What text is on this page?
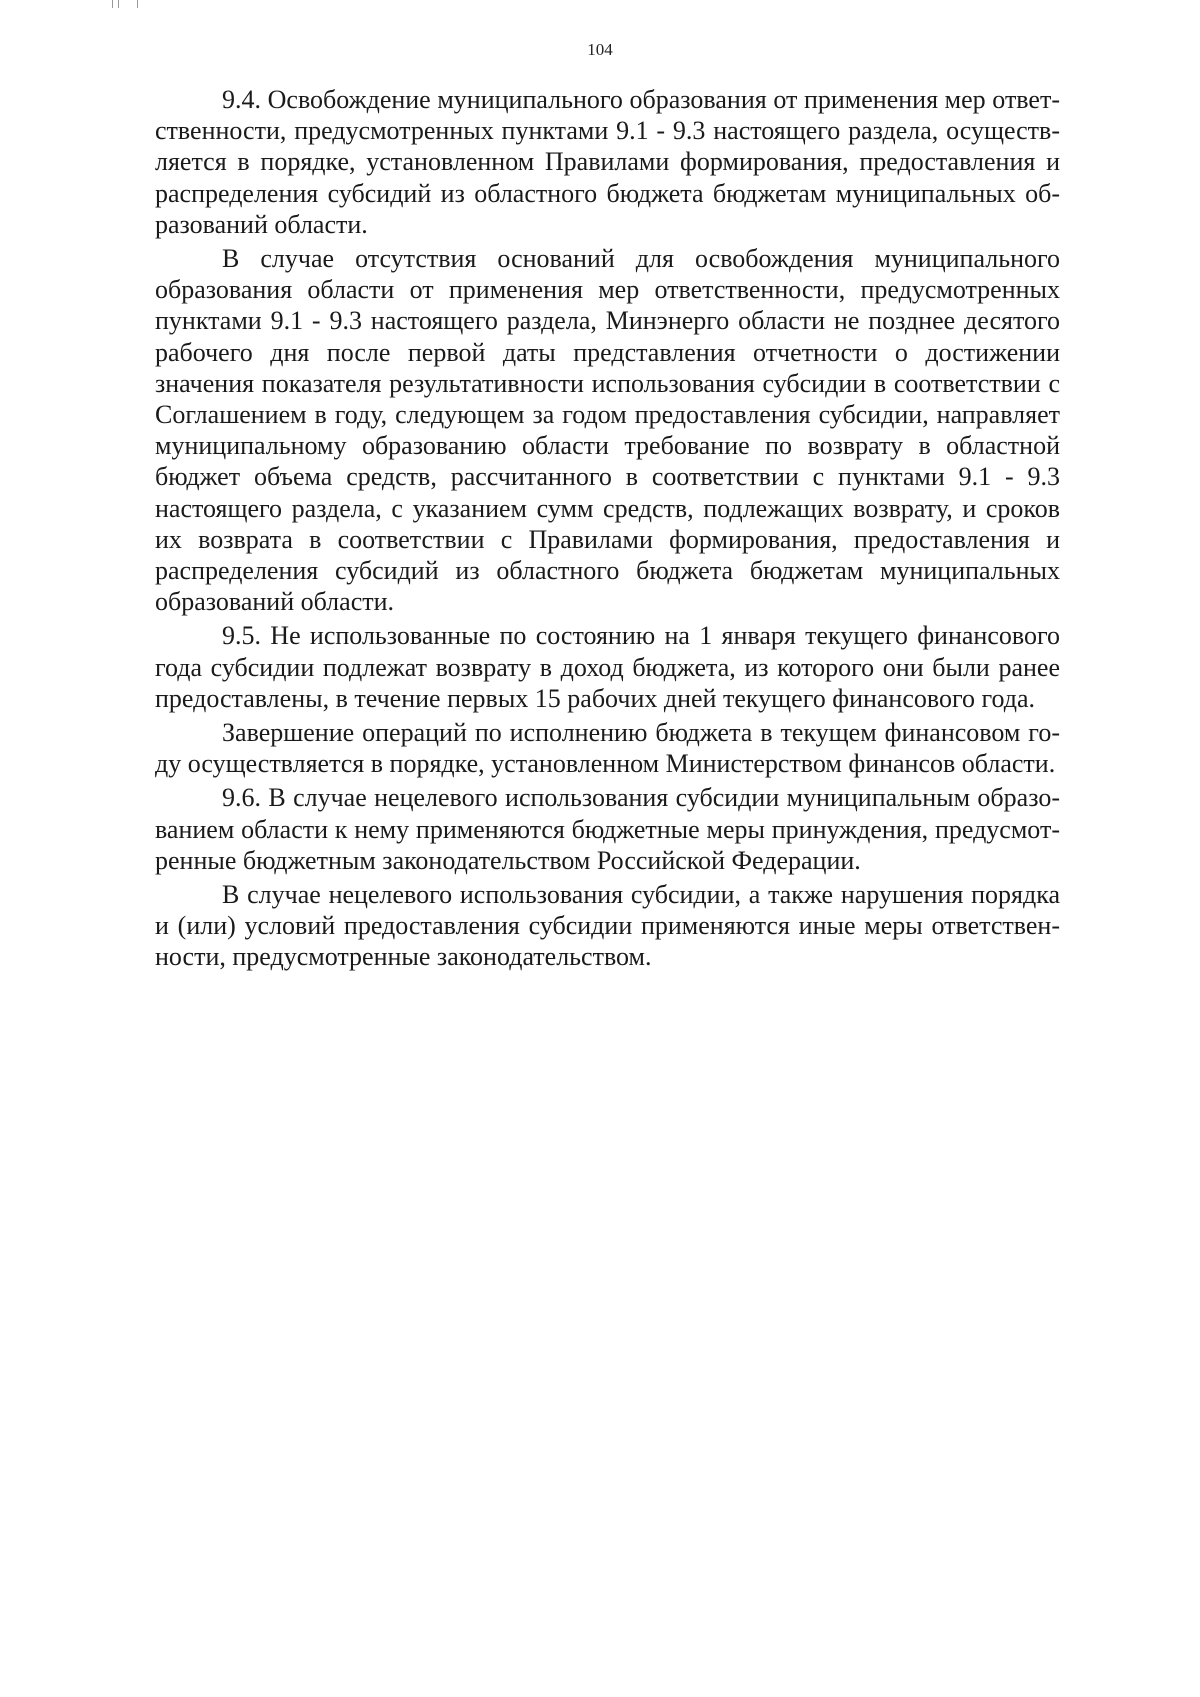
104

9.4. Освобождение муниципального образования от применения мер ответственности, предусмотренных пунктами 9.1 - 9.3 настоящего раздела, осуществляется в порядке, установленном Правилами формирования, предоставления и распределения субсидий из областного бюджета бюджетам муниципальных образований области.

В случае отсутствия оснований для освобождения муниципального образования области от применения мер ответственности, предусмотренных пунктами 9.1 - 9.3 настоящего раздела, Минэнерго области не позднее десятого рабочего дня после первой даты представления отчетности о достижении значения показателя результативности использования субсидии в соответствии с Соглашением в году, следующем за годом предоставления субсидии, направляет муниципальному образованию области требование по возврату в областной бюджет объема средств, рассчитанного в соответствии с пунктами 9.1 - 9.3 настоящего раздела, с указанием сумм средств, подлежащих возврату, и сроков их возврата в соответствии с Правилами формирования, предоставления и распределения субсидий из областного бюджета бюджетам муниципальных образований области.

9.5. Не использованные по состоянию на 1 января текущего финансового года субсидии подлежат возврату в доход бюджета, из которого они были ранее предоставлены, в течение первых 15 рабочих дней текущего финансового года.

Завершение операций по исполнению бюджета в текущем финансовом году осуществляется в порядке, установленном Министерством финансов области.

9.6. В случае нецелевого использования субсидии муниципальным образованием области к нему применяются бюджетные меры принуждения, предусмотренные бюджетным законодательством Российской Федерации.

В случае нецелевого использования субсидии, а также нарушения порядка и (или) условий предоставления субсидии применяются иные меры ответственности, предусмотренные законодательством.
